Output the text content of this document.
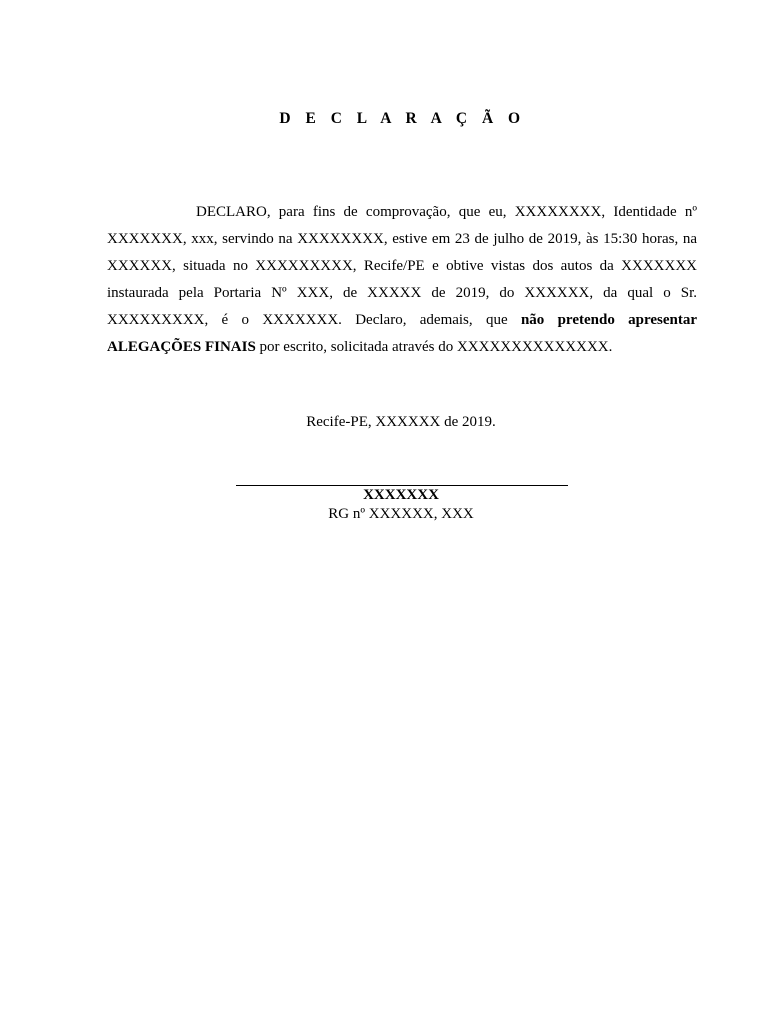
D E C L A R A Ç Ã O

DECLARO, para fins de comprovação, que eu, XXXXXXXX, Identidade nº XXXXXXX, xxx, servindo na XXXXXXXX, estive em 23 de julho de 2019, às 15:30 horas, na XXXXXX, situada no XXXXXXXXX, Recife/PE e obtive vistas dos autos da XXXXXXX instaurada pela Portaria Nº XXX, de XXXXX de 2019, do XXXXXX, da qual o Sr. XXXXXXXXX, é o XXXXXXX. Declaro, ademais, que não pretendo apresentar ALEGAÇÕES FINAIS por escrito, solicitada através do XXXXXXXXXXXXXX.

Recife-PE, XXXXXX de 2019.
XXXXXXX
RG nº XXXXXX, XXX
